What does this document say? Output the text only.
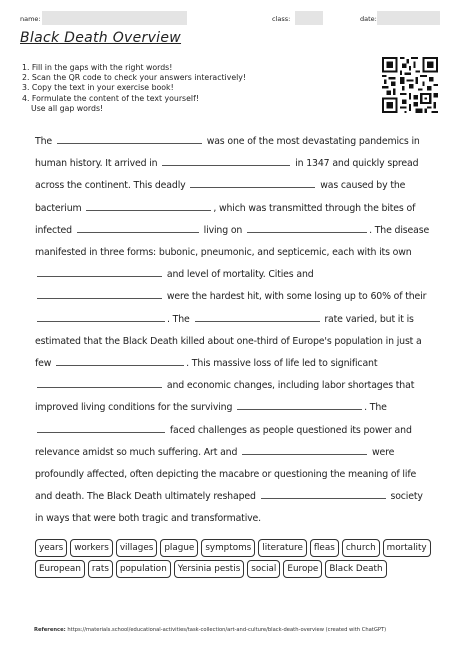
name:	class:	date:
Black Death Overview
1. Fill in the gaps with the right words!
2. Scan the QR code to check your answers interactively!
3. Copy the text in your exercise book!
4. Formulate the content of the text yourself!
Use all gap words!

The	was one of the most devastating pandemics in human history. It arrived in	in 1347 and quickly spread across the continent. This deadly	was caused by the bacterium	, which was transmitted through the bites of infected	living on	. The disease manifested in three forms: bubonic, pneumonic, and septicemic, each with its own  and level of mortality. Cities and  were the hardest hit, with some losing up to 60% of their . The	rate varied, but it is estimated that the Black Death killed about one-third of Europe's population in just a few	. This massive loss of life led to significant  and economic changes, including labor shortages that improved living conditions for the surviving	. The  faced challenges as people questioned its power and relevance amidst so much suffering. Art and	were profoundly affected, often depicting the macabre or questioning the meaning of life and death. The Black Death ultimately reshaped	society in ways that were both tragic and transformative.

years	workers	villages	plague	symptoms	literature	fleas	church	mortality
European	rats	population	Yersinia pestis	social	Europe	Black Death
Reference: https://materials.school/educational-activities/task-collection/art-and-culture/black-death-overview (created with ChatGPT)
